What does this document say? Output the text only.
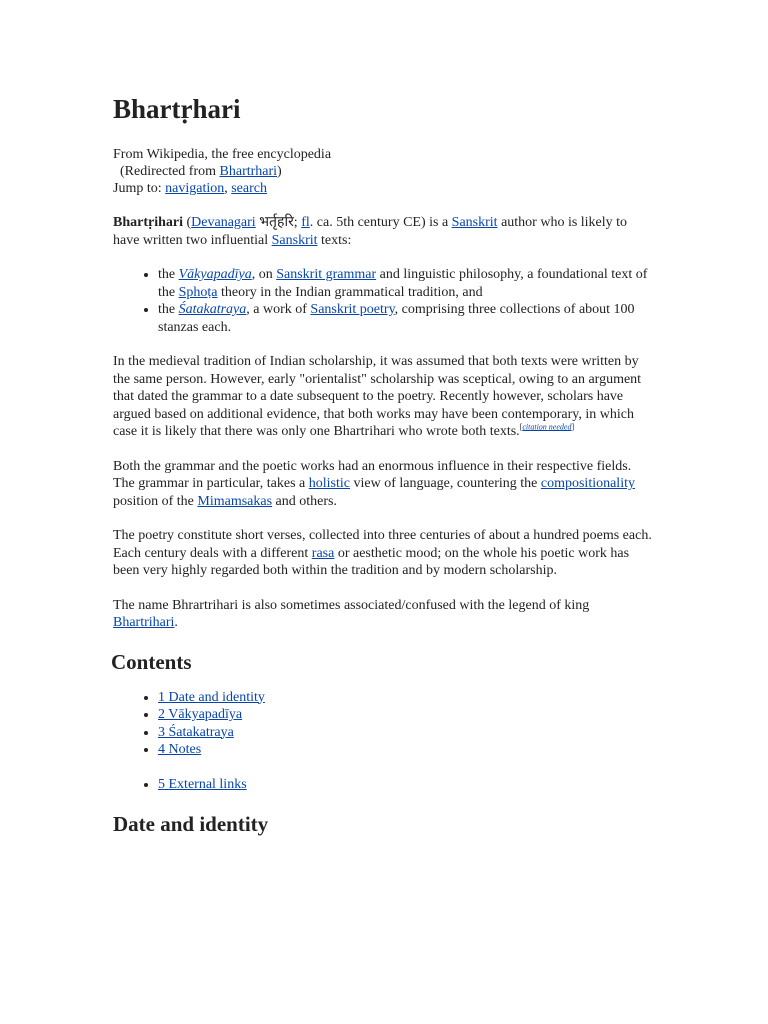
Bhartṛhari
From Wikipedia, the free encyclopedia
(Redirected from Bhartrhari)
Jump to: navigation, search

Bhartṛihari (Devanagari भर्तृहरि; fl. ca. 5th century CE) is a Sanskrit author who is likely to have written two influential Sanskrit texts:

• the Vākyapadīya, on Sanskrit grammar and linguistic philosophy, a foundational text of the Sphoṭa theory in the Indian grammatical tradition, and
• the Śatakatraya, a work of Sanskrit poetry, comprising three collections of about 100 stanzas each.

In the medieval tradition of Indian scholarship, it was assumed that both texts were written by the same person. However, early "orientalist" scholarship was sceptical, owing to an argument that dated the grammar to a date subsequent to the poetry. Recently however, scholars have argued based on additional evidence, that both works may have been contemporary, in which case it is likely that there was only one Bhartrihari who wrote both texts.[citation needed]

Both the grammar and the poetic works had an enormous influence in their respective fields. The grammar in particular, takes a holistic view of language, countering the compositionality position of the Mimamsakas and others.

The poetry constitute short verses, collected into three centuries of about a hundred poems each. Each century deals with a different rasa or aesthetic mood; on the whole his poetic work has been very highly regarded both within the tradition and by modern scholarship.

The name Bhrartrihari is also sometimes associated/confused with the legend of king Bhartrihari.

Contents
• 1 Date and identity
• 2 Vākyapadīya
• 3 Śatakatraya
• 4 Notes
• 5 External links
Date and identity
